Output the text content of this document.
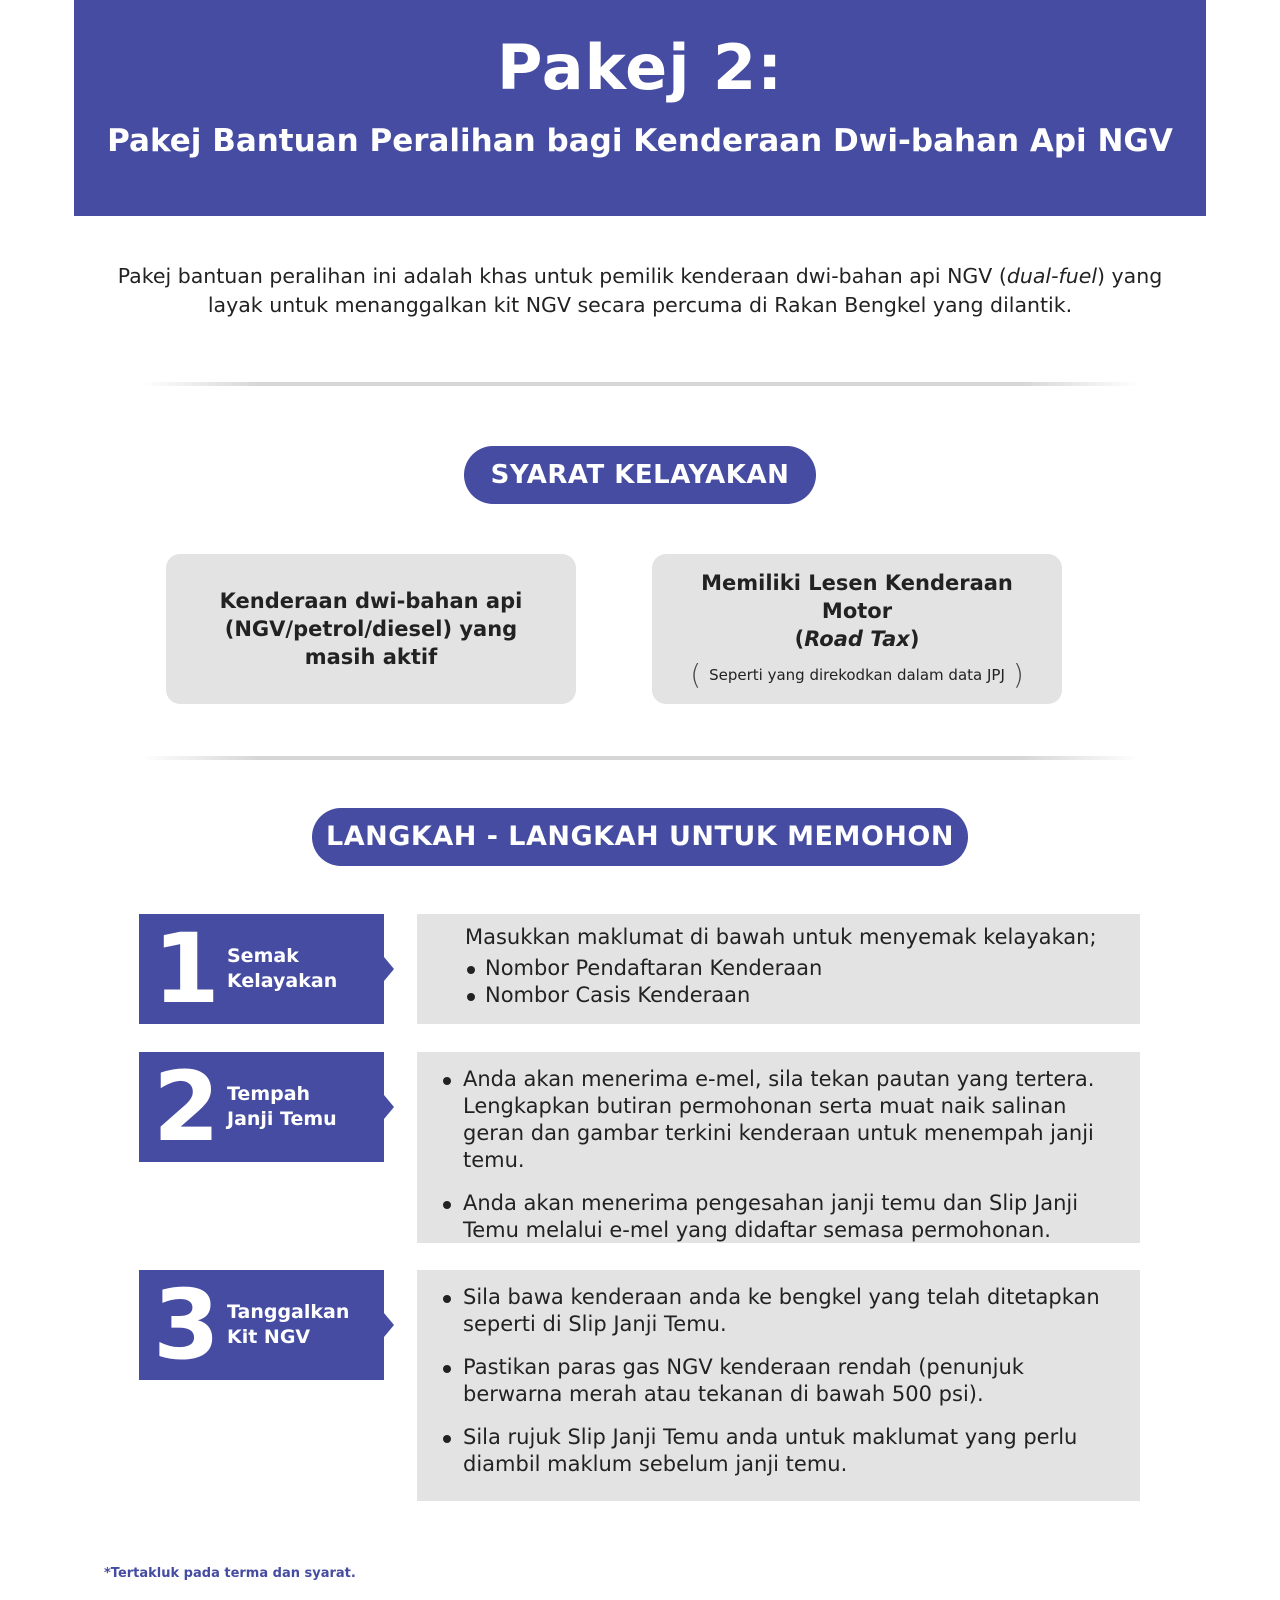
Pakej 2:
Pakej Bantuan Peralihan bagi Kenderaan Dwi-bahan Api NGV

Pakej bantuan peralihan ini adalah khas untuk pemilik kenderaan dwi-bahan api NGV (dual-fuel) yang layak untuk menanggalkan kit NGV secara percuma di Rakan Bengkel yang dilantik.

SYARAT KELAYAKAN
Kenderaan dwi-bahan api
(NGV/petrol/diesel) yang
masih aktif
Memiliki Lesen Kenderaan Motor
(Road Tax)
( Seperti yang direkodkan dalam data JPJ )
LANGKAH - LANGKAH UNTUK MEMOHON
1 Semak
Kelayakan
Masukkan maklumat di bawah untuk menyemak kelayakan;
Nombor Pendaftaran Kenderaan
Nombor Casis Kenderaan
2 Tempah
Janji Temu
Anda akan menerima e-mel, sila tekan pautan yang tertera. Lengkapkan butiran permohonan serta muat naik salinan geran dan gambar terkini kenderaan untuk menempah janji temu.
Anda akan menerima pengesahan janji temu dan Slip Janji Temu melalui e-mel yang didaftar semasa permohonan.
3 Tanggalkan
Kit NGV
Sila bawa kenderaan anda ke bengkel yang telah ditetapkan seperti di Slip Janji Temu.
Pastikan paras gas NGV kenderaan rendah (penunjuk berwarna merah atau tekanan di bawah 500 psi).
Sila rujuk Slip Janji Temu anda untuk maklumat yang perlu diambil maklum sebelum janji temu.
*Tertakluk pada terma dan syarat.
